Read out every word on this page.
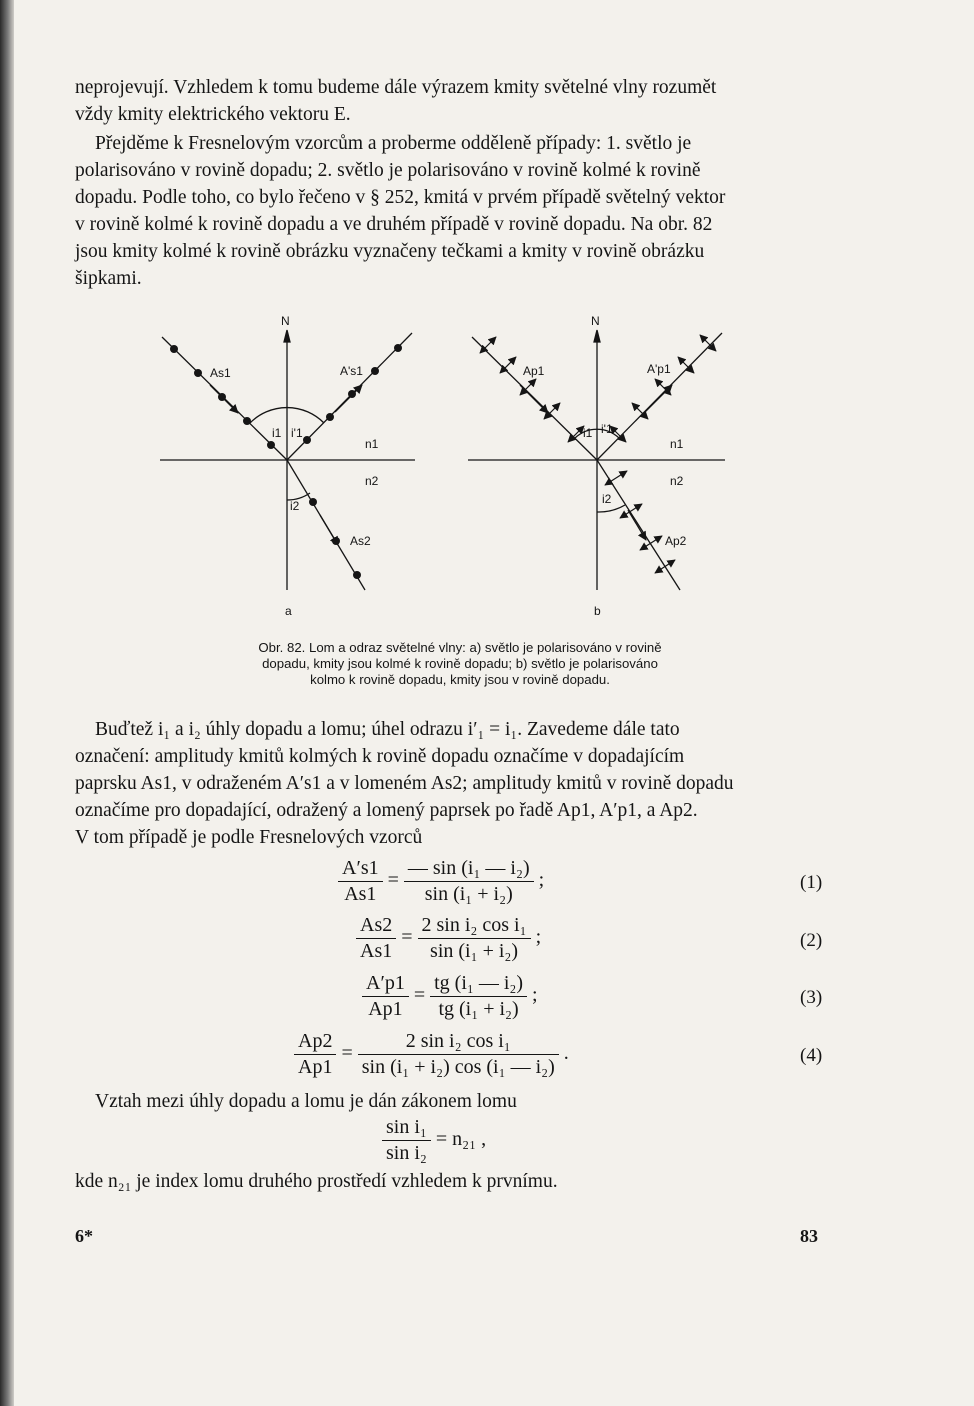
neprojevují. Vzhledem k tomu budeme dále výrazem kmity světelné vlny rozumět
vždy kmity elektrického vektoru E.

Přejděme k Fresnelovým vzorcům a proberme odděleně případy: 1. světlo je
polarisováno v rovině dopadu; 2. světlo je polarisováno v rovině kolmé k rovině
dopadu. Podle toho, co bylo řečeno v § 252, kmitá v prvém případě světelný vektor
v rovině kolmé k rovině dopadu a ve druhém případě v rovině dopadu. Na obr. 82
jsou kmity kolmé k rovině obrázku vyznačeny tečkami a kmity v rovině obrázku
šipkami.

N
As1	A's1
As2
i1 i'1
i2
n1
n2
a
N
Ap1	A'p1
Ap2
i1 i'1
i2
n1
n2
b
Obr. 82. Lom a odraz světelné vlny: a) světlo je polarisováno v rovině
dopadu, kmity jsou kolmé k rovině dopadu; b) světlo je polarisováno
kolmo k rovině dopadu, kmity jsou v rovině dopadu.

Buďtež i₁ a i₂ úhly dopadu a lomu; úhel odrazu i′₁ = i₁. Zavedeme dále tato
označení: amplitudy kmitů kolmých k rovině dopadu označíme v dopadajícím
paprsku As1, v odraženém A′s1 a v lomeném As2; amplitudy kmitů v rovině dopadu
označíme pro dopadající, odražený a lomený paprsek po řadě Ap1, A′p1, a Ap2.
V tom případě je podle Fresnelových vzorců

$\frac{A's1}{As1} = \frac{\text{— sin (i₁ — i₂)}}{\text{sin (i₁ + i₂)}}$ ;	(1)
$\frac{As2}{As1} = \frac{\text{2 sin i₂ cos i₁}}{\text{sin (i₁ + i₂)}}$ ;	(2)
$\frac{A'p1}{Ap1} = \frac{\text{tg (i₁ — i₂)}}{\text{tg (i₁ + i₂)}}$ ;	(3)
$\frac{Ap2}{Ap1} = \frac{\text{2 sin i₂ cos i₁}}{\text{sin (i₁ + i₂) cos (i₁ — i₂)}}$ .	(4)

Vztah mezi úhly dopadu a lomu je dán zákonem lomu

$\frac{\text{sin i₁}}{\text{sin i₂}} = n_{21}$ ,

kde n₂₁ je index lomu druhého prostředí vzhledem k prvnímu.

6*	83
